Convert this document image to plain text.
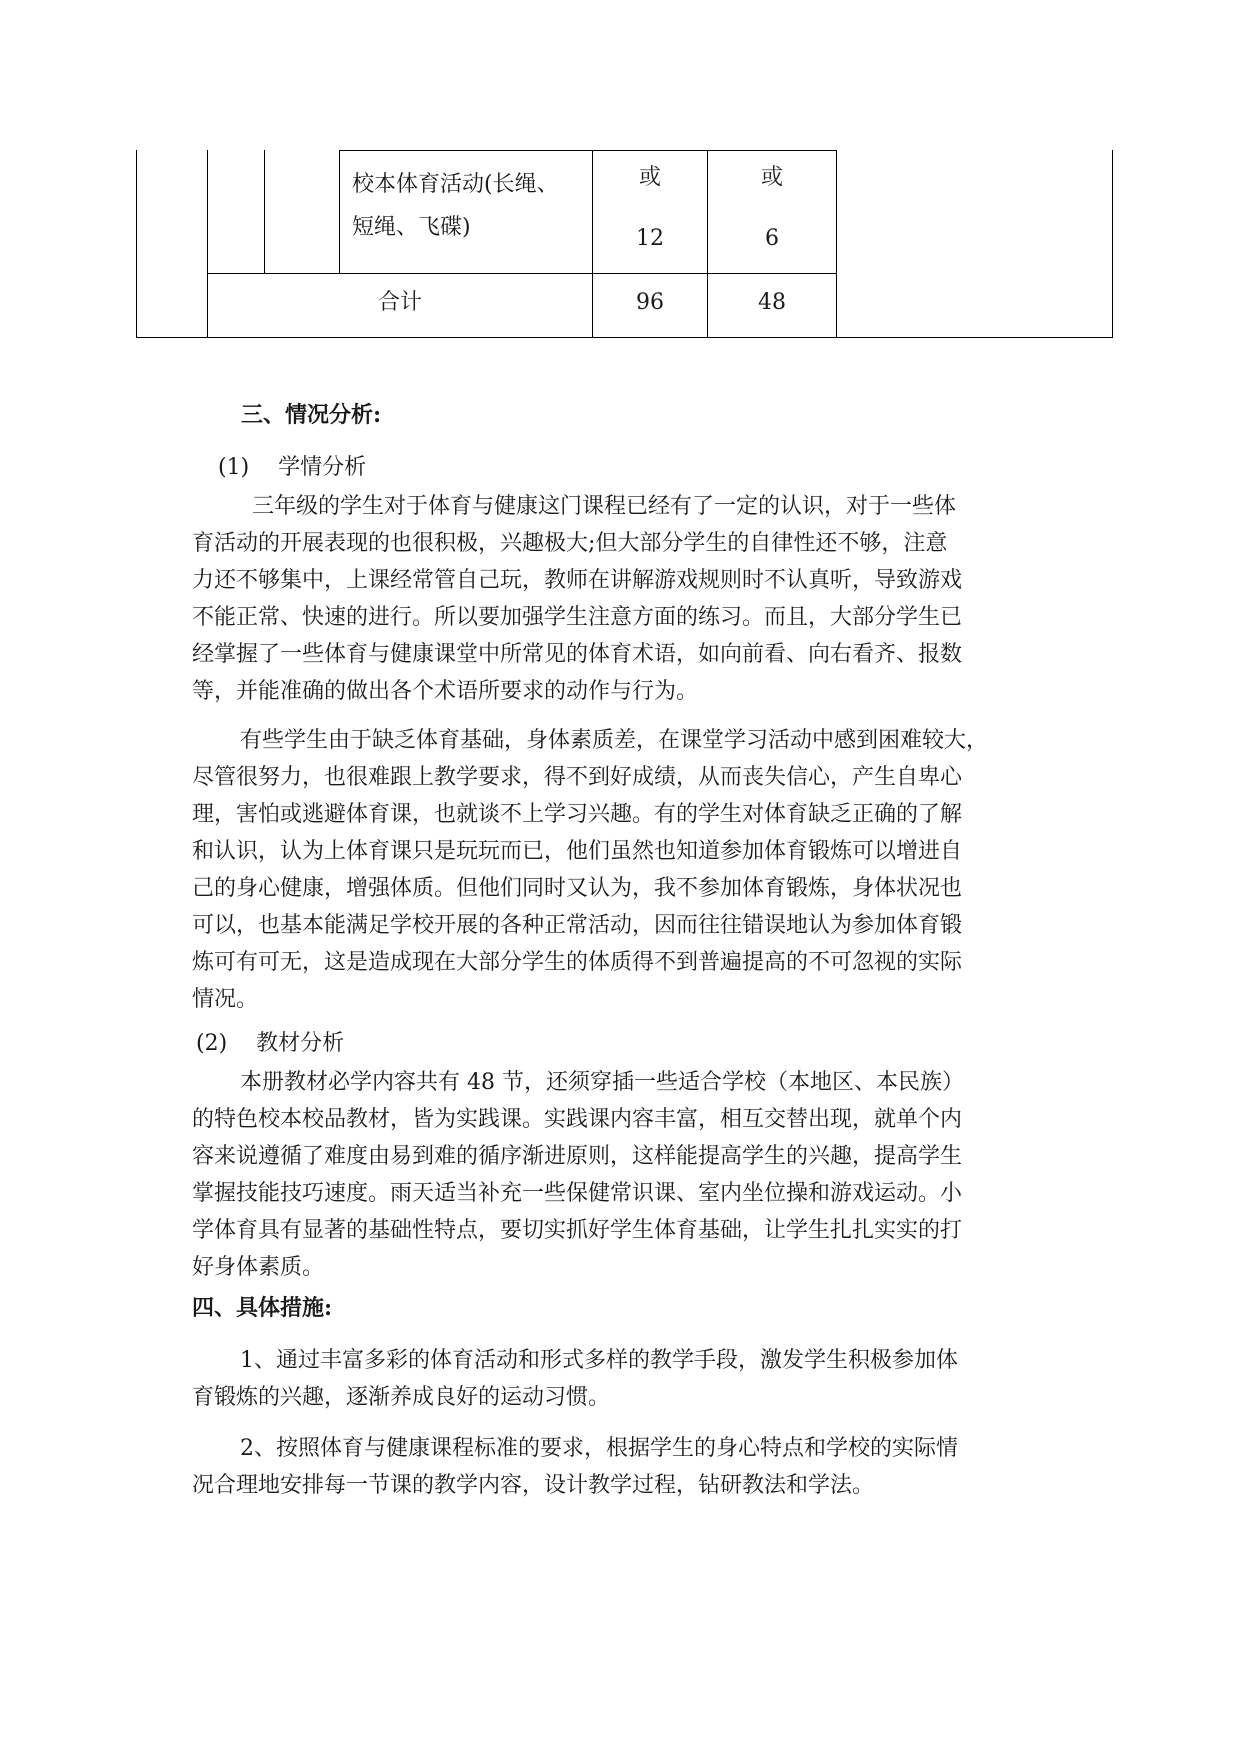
校本体育活动(长绳、
短绳、飞碟)
或
12
或
6
合计	96	48
三、情况分析:
(1) 学情分析
三年级的学生对于体育与健康这门课程已经有了一定的认识，对于一些体
育活动的开展表现的也很积极，兴趣极大;但大部分学生的自律性还不够，注意
力还不够集中，上课经常管自己玩，教师在讲解游戏规则时不认真听，导致游戏
不能正常、快速的进行。所以要加强学生注意方面的练习。而且，大部分学生已
经掌握了一些体育与健康课堂中所常见的体育术语，如向前看、向右看齐、报数
等，并能准确的做出各个术语所要求的动作与行为。
有些学生由于缺乏体育基础，身体素质差，在课堂学习活动中感到困难较大，
尽管很努力，也很难跟上教学要求，得不到好成绩，从而丧失信心，产生自卑心
理，害怕或逃避体育课，也就谈不上学习兴趣。有的学生对体育缺乏正确的了解
和认识，认为上体育课只是玩玩而已，他们虽然也知道参加体育锻炼可以增进自
己的身心健康，增强体质。但他们同时又认为，我不参加体育锻炼，身体状况也
可以，也基本能满足学校开展的各种正常活动，因而往往错误地认为参加体育锻
炼可有可无，这是造成现在大部分学生的体质得不到普遍提高的不可忽视的实际
情况。
(2) 教材分析
本册教材必学内容共有 48 节，还须穿插一些适合学校（本地区、本民族）
的特色校本校品教材，皆为实践课。实践课内容丰富，相互交替出现，就单个内
容来说遵循了难度由易到难的循序渐进原则，这样能提高学生的兴趣，提高学生
掌握技能技巧速度。雨天适当补充一些保健常识课、室内坐位操和游戏运动。小
学体育具有显著的基础性特点，要切实抓好学生体育基础，让学生扎扎实实的打
好身体素质。
四、具体措施:
1、通过丰富多彩的体育活动和形式多样的教学手段，激发学生积极参加体
育锻炼的兴趣，逐渐养成良好的运动习惯。
2、按照体育与健康课程标准的要求，根据学生的身心特点和学校的实际情
况合理地安排每一节课的教学内容，设计教学过程，钻研教法和学法。
